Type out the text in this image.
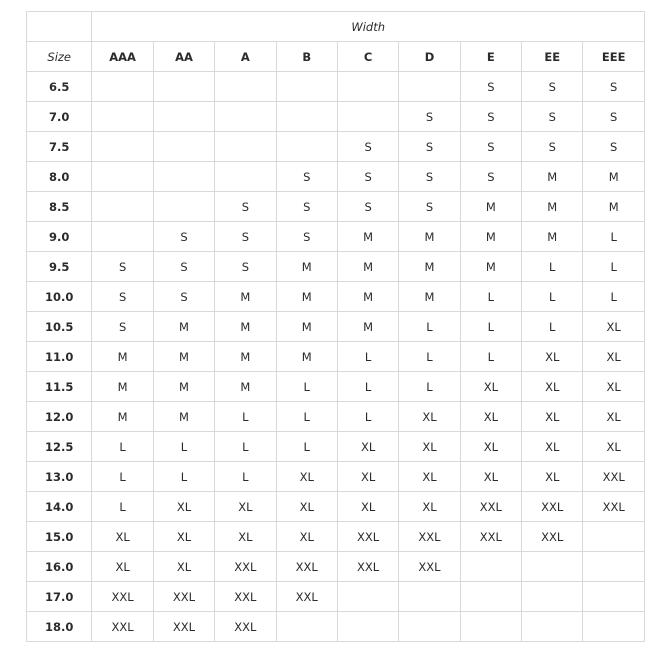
	Width								
Size	AAA	AA	A	B	C	D	E	EE	EEE
6.5							S	S	S
7.0						S	S	S	S
7.5					S	S	S	S	S
8.0				S	S	S	S	M	M
8.5			S	S	S	S	M	M	M
9.0		S	S	S	M	M	M	M	L
9.5	S	S	S	M	M	M	M	L	L
10.0	S	S	M	M	M	M	L	L	L
10.5	S	M	M	M	M	L	L	L	XL
11.0	M	M	M	M	L	L	L	XL	XL
11.5	M	M	M	L	L	L	XL	XL	XL
12.0	M	M	L	L	L	XL	XL	XL	XL
12.5	L	L	L	L	XL	XL	XL	XL	XL
13.0	L	L	L	XL	XL	XL	XL	XL	XXL
14.0	L	XL	XL	XL	XL	XL	XXL	XXL	XXL
15.0	XL	XL	XL	XL	XXL	XXL	XXL	XXL	
16.0	XL	XL	XXL	XXL	XXL	XXL			
17.0	XXL	XXL	XXL	XXL					
18.0	XXL	XXL	XXL						
